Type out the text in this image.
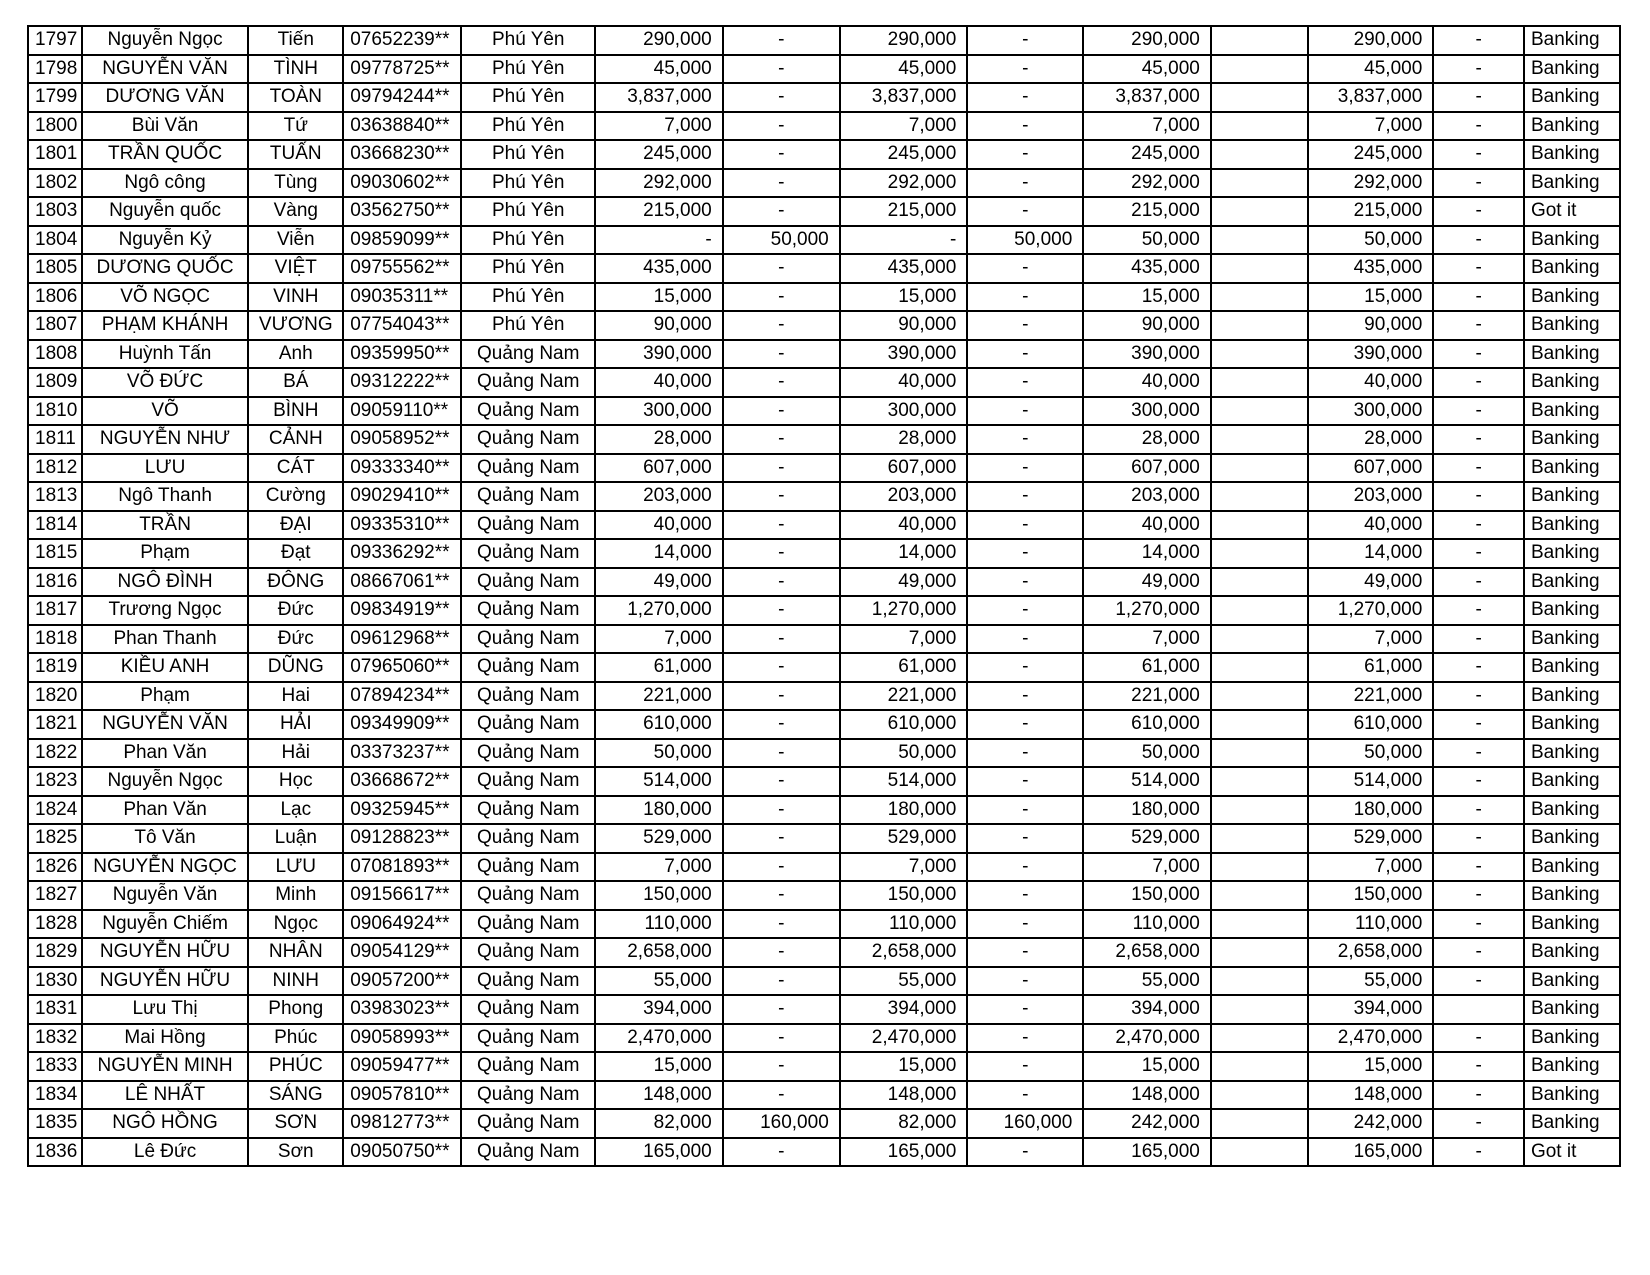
1797	Nguyễn Ngọc	Tiến	07652239**	Phú Yên	290,000	-	290,000	-	290,000		290,000	-	Banking
1798	NGUYỄN VĂN	TÌNH	09778725**	Phú Yên	45,000	-	45,000	-	45,000		45,000	-	Banking
1799	DƯƠNG VĂN	TOÀN	09794244**	Phú Yên	3,837,000	-	3,837,000	-	3,837,000		3,837,000	-	Banking
1800	Bùi Văn	Tứ	03638840**	Phú Yên	7,000	-	7,000	-	7,000		7,000	-	Banking
1801	TRẦN QUỐC	TUẤN	03668230**	Phú Yên	245,000	-	245,000	-	245,000		245,000	-	Banking
1802	Ngô công	Tùng	09030602**	Phú Yên	292,000	-	292,000	-	292,000		292,000	-	Banking
1803	Nguyễn quốc	Vàng	03562750**	Phú Yên	215,000	-	215,000	-	215,000		215,000	-	Got it
1804	Nguyễn Kỷ	Viễn	09859099**	Phú Yên	-	50,000	-	50,000	50,000		50,000	-	Banking
1805	DƯƠNG QUỐC	VIỆT	09755562**	Phú Yên	435,000	-	435,000	-	435,000		435,000	-	Banking
1806	VÕ NGỌC	VINH	09035311**	Phú Yên	15,000	-	15,000	-	15,000		15,000	-	Banking
1807	PHẠM KHÁNH	VƯƠNG	07754043**	Phú Yên	90,000	-	90,000	-	90,000		90,000	-	Banking
1808	Huỳnh Tấn	Anh	09359950**	Quảng Nam	390,000	-	390,000	-	390,000		390,000	-	Banking
1809	VÕ ĐỨC	BÁ	09312222**	Quảng Nam	40,000	-	40,000	-	40,000		40,000	-	Banking
1810	VÕ	BÌNH	09059110**	Quảng Nam	300,000	-	300,000	-	300,000		300,000	-	Banking
1811	NGUYỄN NHƯ	CẢNH	09058952**	Quảng Nam	28,000	-	28,000	-	28,000		28,000	-	Banking
1812	LƯU	CÁT	09333340**	Quảng Nam	607,000	-	607,000	-	607,000		607,000	-	Banking
1813	Ngô Thanh	Cường	09029410**	Quảng Nam	203,000	-	203,000	-	203,000		203,000	-	Banking
1814	TRẦN	ĐẠI	09335310**	Quảng Nam	40,000	-	40,000	-	40,000		40,000	-	Banking
1815	Phạm	Đạt	09336292**	Quảng Nam	14,000	-	14,000	-	14,000		14,000	-	Banking
1816	NGÔ ĐÌNH	ĐÔNG	08667061**	Quảng Nam	49,000	-	49,000	-	49,000		49,000	-	Banking
1817	Trương Ngọc	Đức	09834919**	Quảng Nam	1,270,000	-	1,270,000	-	1,270,000		1,270,000	-	Banking
1818	Phan Thanh	Đức	09612968**	Quảng Nam	7,000	-	7,000	-	7,000		7,000	-	Banking
1819	KIỀU ANH	DŨNG	07965060**	Quảng Nam	61,000	-	61,000	-	61,000		61,000	-	Banking
1820	Phạm	Hai	07894234**	Quảng Nam	221,000	-	221,000	-	221,000		221,000	-	Banking
1821	NGUYỄN VĂN	HẢI	09349909**	Quảng Nam	610,000	-	610,000	-	610,000		610,000	-	Banking
1822	Phan Văn	Hải	03373237**	Quảng Nam	50,000	-	50,000	-	50,000		50,000	-	Banking
1823	Nguyễn Ngọc	Học	03668672**	Quảng Nam	514,000	-	514,000	-	514,000		514,000	-	Banking
1824	Phan Văn	Lạc	09325945**	Quảng Nam	180,000	-	180,000	-	180,000		180,000	-	Banking
1825	Tô Văn	Luận	09128823**	Quảng Nam	529,000	-	529,000	-	529,000		529,000	-	Banking
1826	NGUYỄN NGỌC	LƯU	07081893**	Quảng Nam	7,000	-	7,000	-	7,000		7,000	-	Banking
1827	Nguyễn Văn	Minh	09156617**	Quảng Nam	150,000	-	150,000	-	150,000		150,000	-	Banking
1828	Nguyễn Chiếm	Ngọc	09064924**	Quảng Nam	110,000	-	110,000	-	110,000		110,000	-	Banking
1829	NGUYỄN HỮU	NHÂN	09054129**	Quảng Nam	2,658,000	-	2,658,000	-	2,658,000		2,658,000	-	Banking
1830	NGUYỄN HỮU	NINH	09057200**	Quảng Nam	55,000	-	55,000	-	55,000		55,000	-	Banking
1831	Lưu Thị	Phong	03983023**	Quảng Nam	394,000	-	394,000	-	394,000		394,000		Banking
1832	Mai Hồng	Phúc	09058993**	Quảng Nam	2,470,000	-	2,470,000	-	2,470,000		2,470,000	-	Banking
1833	NGUYỄN MINH	PHÚC	09059477**	Quảng Nam	15,000	-	15,000	-	15,000		15,000	-	Banking
1834	LÊ NHẤT	SÁNG	09057810**	Quảng Nam	148,000	-	148,000	-	148,000		148,000	-	Banking
1835	NGÔ HỒNG	SƠN	09812773**	Quảng Nam	82,000	160,000	82,000	160,000	242,000		242,000	-	Banking
1836	Lê Đức	Sơn	09050750**	Quảng Nam	165,000	-	165,000	-	165,000		165,000	-	Got it
